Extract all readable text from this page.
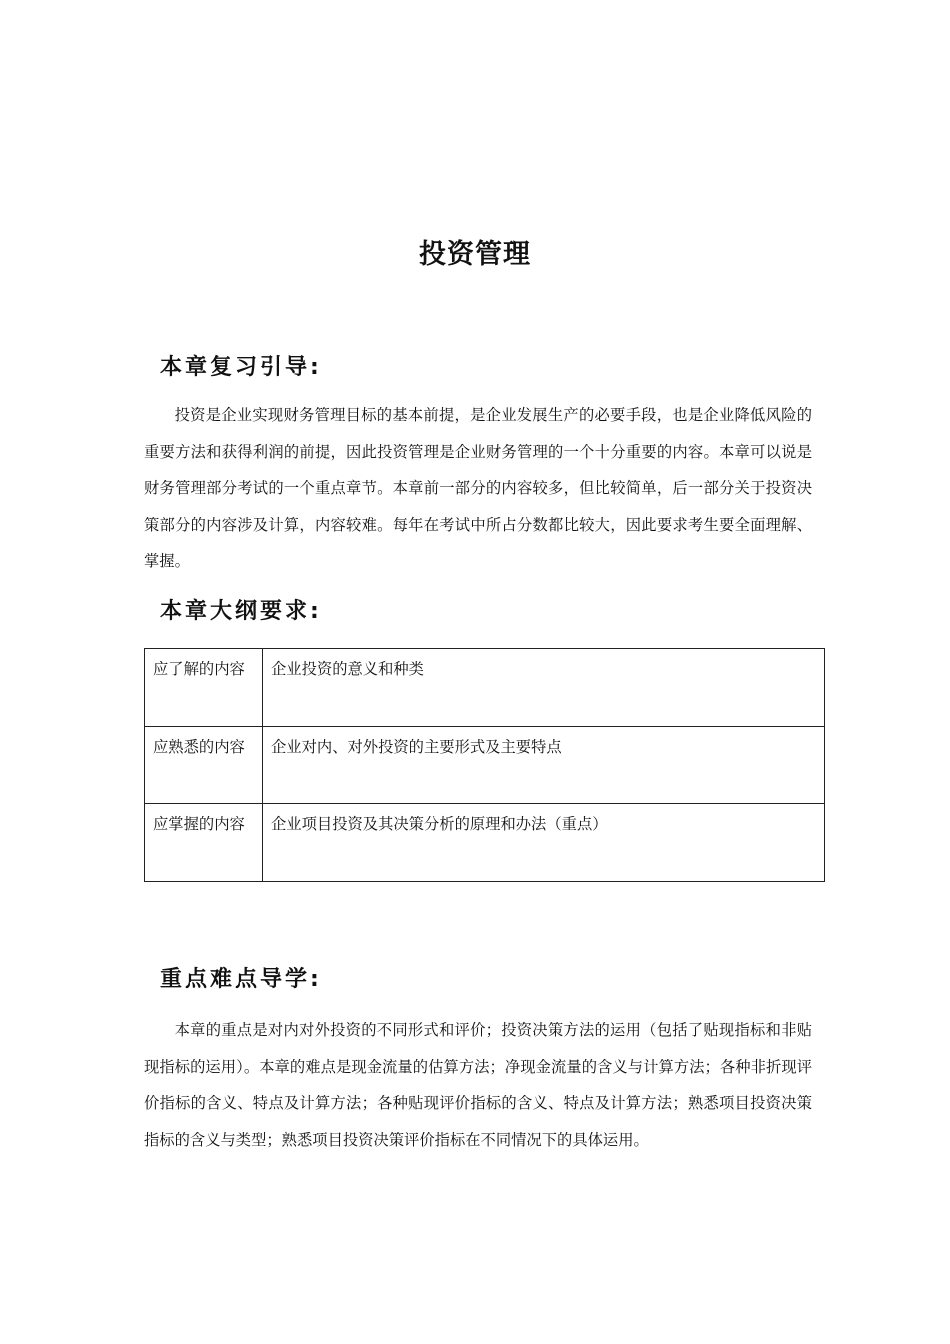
投资管理
本章复习引导:

投资是企业实现财务管理目标的基本前提，是企业发展生产的必要手段，也是企业降低风险的重要方法和获得利润的前提，因此投资管理是企业财务管理的一个十分重要的内容。本章可以说是财务管理部分考试的一个重点章节。本章前一部分的内容较多，但比较简单，后一部分关于投资决策部分的内容涉及计算，内容较难。每年在考试中所占分数都比较大，因此要求考生要全面理解、掌握。

本章大纲要求:
应了解的内容	企业投资的意义和种类
应熟悉的内容	企业对内、对外投资的主要形式及主要特点
应掌握的内容	企业项目投资及其决策分析的原理和办法（重点）
重点难点导学:

本章的重点是对内对外投资的不同形式和评价；投资决策方法的运用（包括了贴现指标和非贴现指标的运用）。本章的难点是现金流量的估算方法；净现金流量的含义与计算方法；各种非折现评价指标的含义、特点及计算方法；各种贴现评价指标的含义、特点及计算方法；熟悉项目投资决策指标的含义与类型；熟悉项目投资决策评价指标在不同情况下的具体运用。
